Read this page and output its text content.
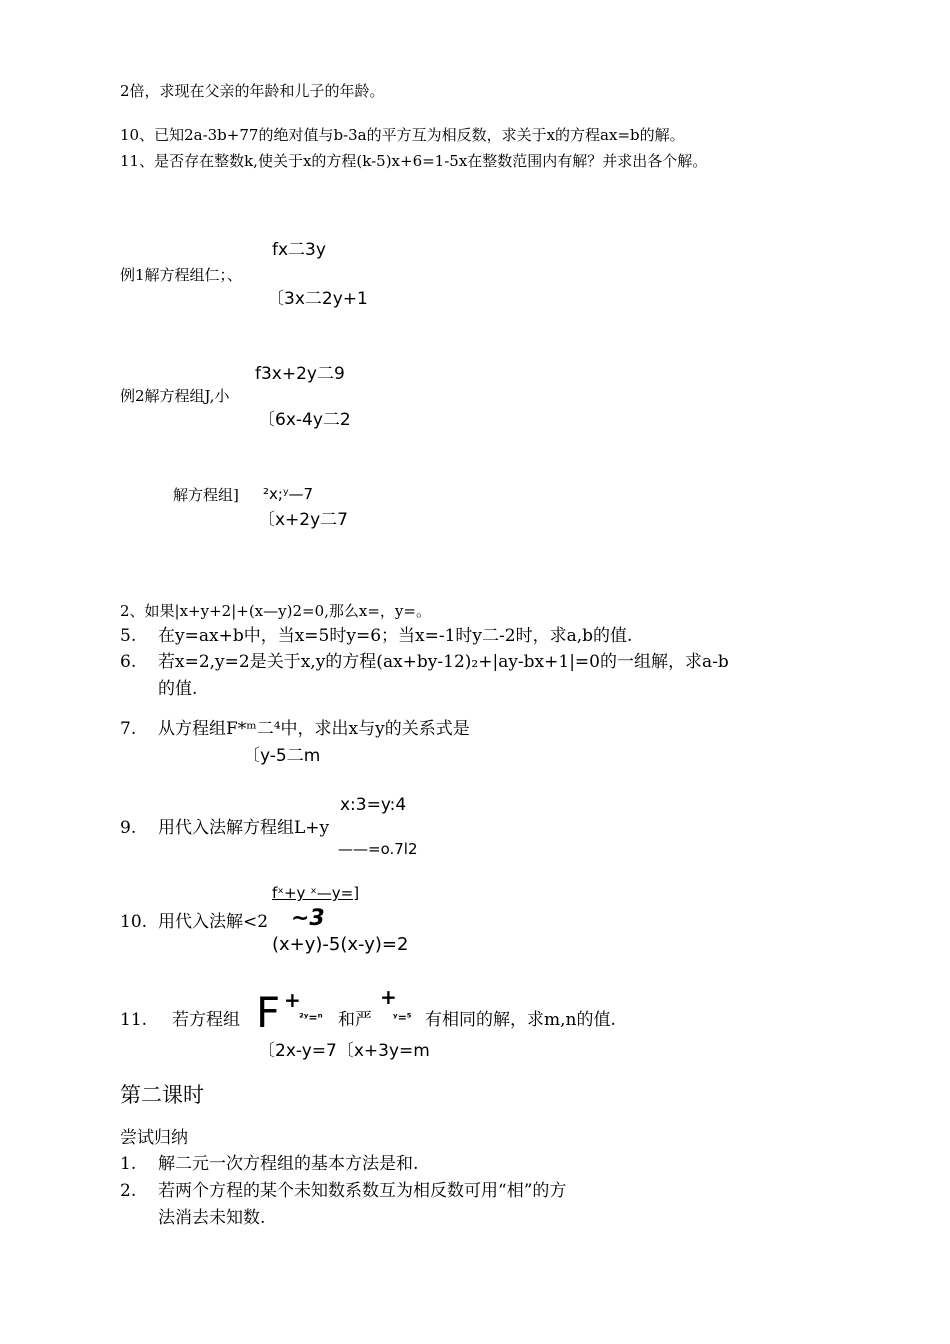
2倍，求现在父亲的年龄和儿子的年龄。
10、已知2a-3b+77的绝对值与b-3a的平方互为相反数，求关于x的方程ax=b的解。
11、是否存在整数k,使关于x的方程(k-5)x+6=1-5x在整数范围内有解？并求出各个解。
fx二3y
例1解方程组仁；、
〔3x二2y+1
f3x+2y二9
例2解方程组J,小
〔6x-4y二2
解方程组] ²x;ʸ—7
〔x+2y二7
2、如果|x+y+2|+(x—y)2=0,那么x=，y=。
5. 在y=ax+b中，当x=5时y=6；当x=-1时y二-2时，求a,b的值.
6. 若x=2,y=2是关于x,y的方程(ax+by-12)₂+|ay-bx+1|=0的一组解，求a-b
的值.
7. 从方程组F*ᵐ二⁴中，求出x与y的关系式是
〔y-5二m
x:3=y:4
9. 用代入法解方程组L+y
——=o.7l2
fˣ+y ˣ—y=]
10. 用代入法解<2 ~3
(x+y)-5(x-y)=2
11. 若方程组 F +
²ʸ=ⁿ 和严
+
ʸ=⁵ 有相同的解，求m,n的值.
〔2x-y=7〔x+3y=m
第二课时
尝试归纳
1. 解二元一次方程组的基本方法是和.
2. 若两个方程的某个未知数系数互为相反数可用“相”的方
法消去未知数.
